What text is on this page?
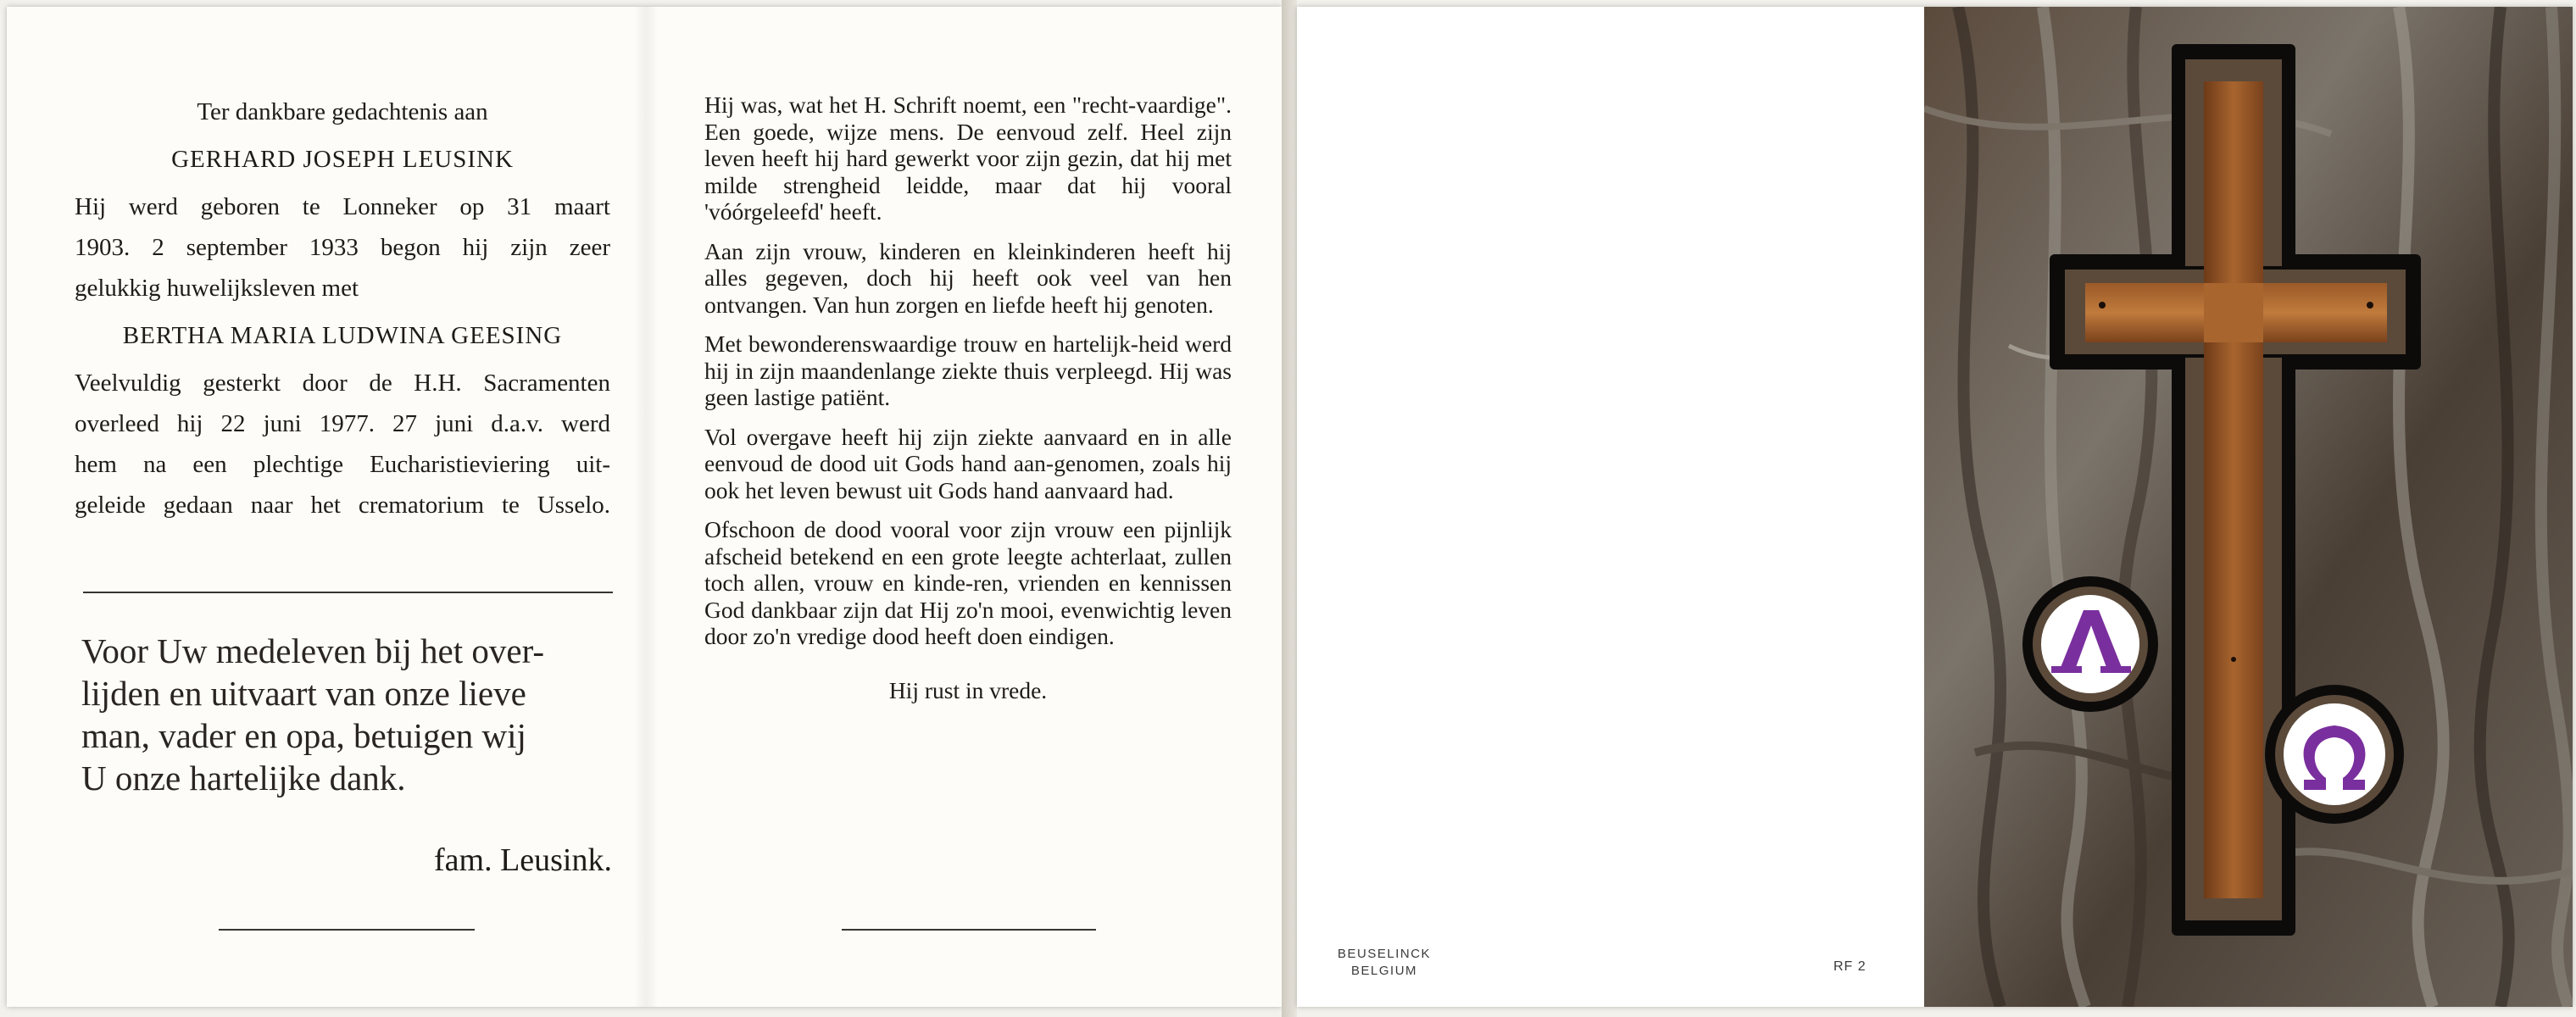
Ter dankbare gedachtenis aan
GERHARD JOSEPH LEUSINK
Hij werd geboren te Lonneker op 31 maart
1903. 2 september 1933 begon hij zijn zeer
gelukkig huwelijksleven met
BERTHA MARIA LUDWINA GEESING
Veelvuldig gesterkt door de H.H. Sacramenten
overleed hij 22 juni 1977. 27 juni d.a.v. werd
hem na een plechtige Eucharistieviering uit-
geleide gedaan naar het crematorium te Usselo.
Voor Uw medeleven bij het over-
lijden en uitvaart van onze lieve
man, vader en opa, betuigen wij
U onze hartelijke dank.
fam. Leusink.

Hij was, wat het H. Schrift noemt, een "recht-vaardige". Een goede, wijze mens. De eenvoud zelf. Heel zijn leven heeft hij hard gewerkt voor zijn gezin, dat hij met milde strengheid leidde, maar dat hij vooral 'vóórgeleefd' heeft.

Aan zijn vrouw, kinderen en kleinkinderen heeft hij alles gegeven, doch hij heeft ook veel van hen ontvangen. Van hun zorgen en liefde heeft hij genoten.

Met bewonderenswaardige trouw en hartelijk-heid werd hij in zijn maandenlange ziekte thuis verpleegd. Hij was geen lastige patiënt.

Vol overgave heeft hij zijn ziekte aanvaard en in alle eenvoud de dood uit Gods hand aan-genomen, zoals hij ook het leven bewust uit Gods hand aanvaard had.

Ofschoon de dood vooral voor zijn vrouw een pijnlijk afscheid betekend en een grote leegte achterlaat, zullen toch allen, vrouw en kinde-ren, vrienden en kennissen God dankbaar zijn dat Hij zo'n mooi, evenwichtig leven door zo'n vredige dood heeft doen eindigen.

Hij rust in vrede.
BEUSELINCK
BELGIUM	RF 2
